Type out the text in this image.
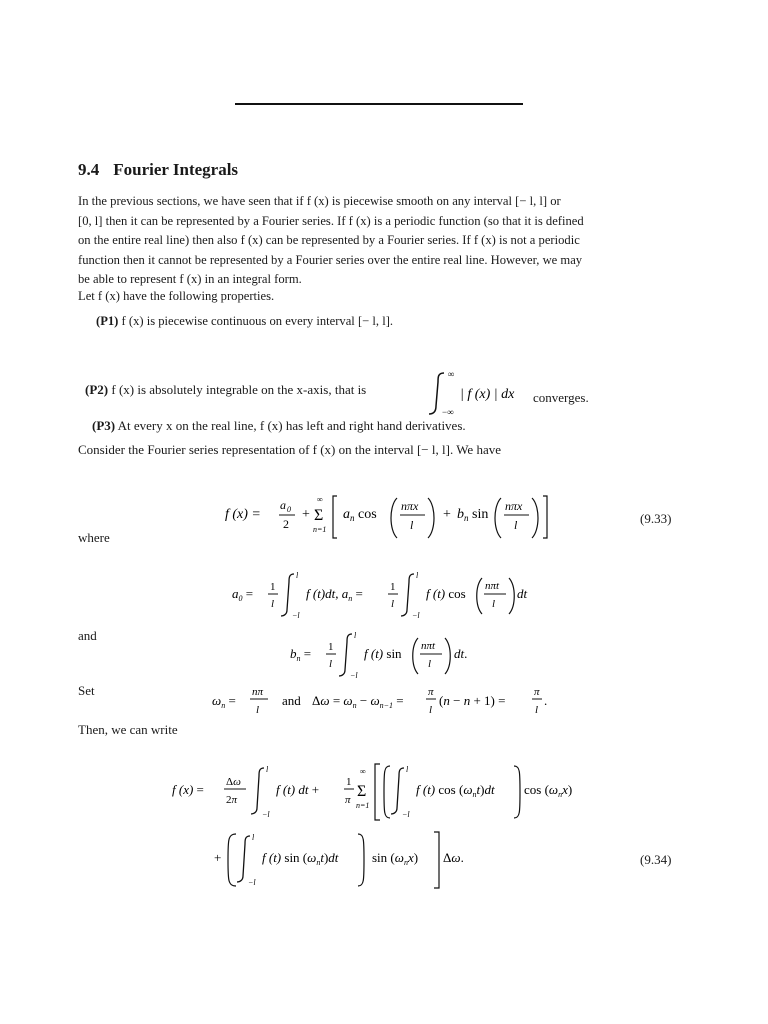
9.4 Fourier Integrals
In the previous sections, we have seen that if f (x) is piecewise smooth on any interval [− l, l] or
[0, l] then it can be represented by a Fourier series. If f (x) is a periodic function (so that it is defined
on the entire real line) then also f (x) can be represented by a Fourier series. If f (x) is not a periodic
function then it cannot be represented by a Fourier series over the entire real line. However, we may
be able to represent f (x) in an integral form.
Let f (x) have the following properties.
(P1) f (x) is piecewise continuous on every interval [− l, l].
(P2) f (x) is absolutely integrable on the x-axis, that is
∞
−∞
| f (x) | dx converges.
(P3) At every x on the real line, f (x) has left and right hand derivatives.
Consider the Fourier series representation of f (x) on the interval [− l, l]. We have
f (x) =
a 0
2
+
∞
Σ
n=1
$a_n$ cos
nπx
l
+ $b_n$ sin
nπx
l	(9.33)
where
$a_0 = 1$
l
l
−l
f (t)dt, $a_n = 1$
l
l
−l
f (t) cos nπt
l
dt
and
$b_n = 1$
l
l
−l
f (t) sin nπt
l
dt.
Set
$\omega_n$ =
nπ
l
and $\Delta\omega = \omega_n - \omega_{n-1}$ =
π
l
(n − n + 1) =
π
l
.
Then, we can write
f (x) = Δω
2π
l
−l
f (t) dt + 1
π
∞
Σ
n=1
l
−l
f (t) $\cos (\omega_nt)dt$ $\cos (\omega_nx)$
+
l
−l
f (t) $\sin (\omega_nt)dt$	$\sin (\omega_nx)$ Δω.	(9.34)
